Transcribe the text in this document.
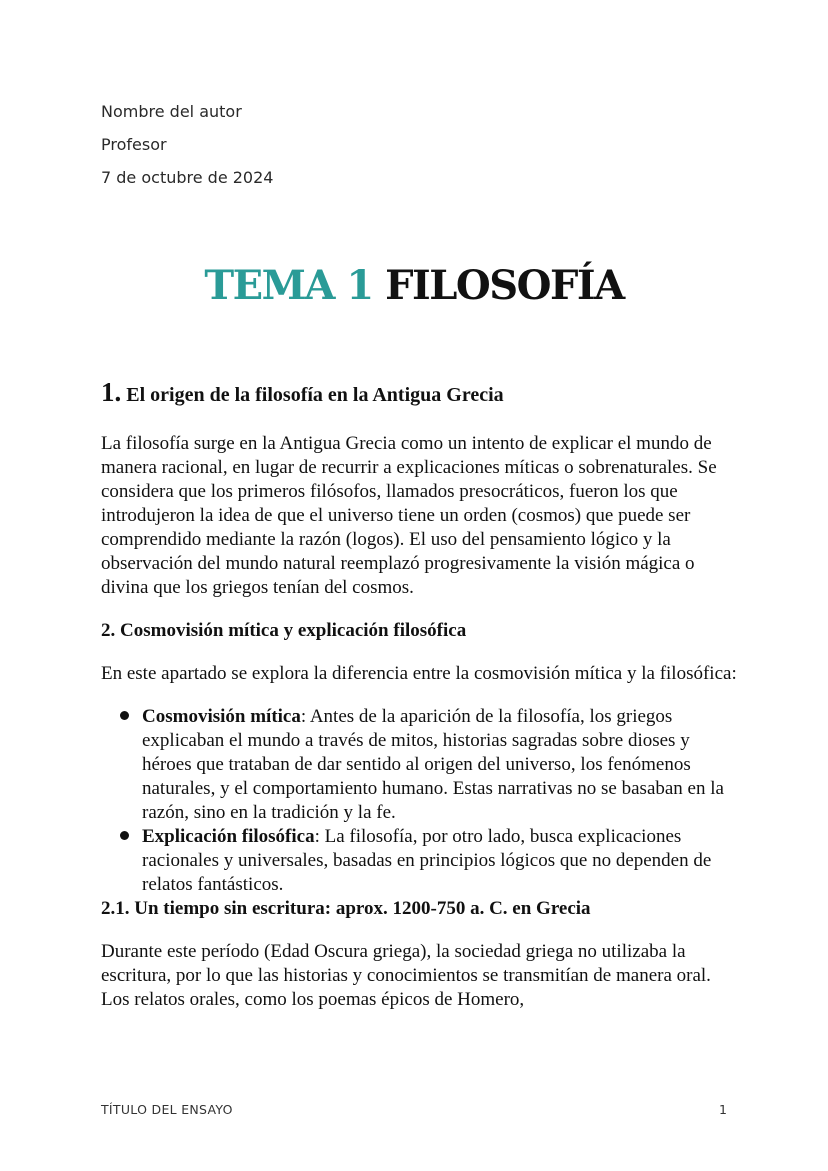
Nombre del autor
Profesor
7 de octubre de 2024
TEMA 1 FILOSOFÍA
1. El origen de la filosofía en la Antigua Grecia

La filosofía surge en la Antigua Grecia como un intento de explicar el mundo de manera racional, en lugar de recurrir a explicaciones míticas o sobrenaturales. Se considera que los primeros filósofos, llamados presocráticos, fueron los que introdujeron la idea de que el universo tiene un orden (cosmos) que puede ser comprendido mediante la razón (logos). El uso del pensamiento lógico y la observación del mundo natural reemplazó progresivamente la visión mágica o divina que los griegos tenían del cosmos.

2. Cosmovisión mítica y explicación filosófica

En este apartado se explora la diferencia entre la cosmovisión mítica y la filosófica:

Cosmovisión mítica: Antes de la aparición de la filosofía, los griegos explicaban el mundo a través de mitos, historias sagradas sobre dioses y héroes que trataban de dar sentido al origen del universo, los fenómenos naturales, y el comportamiento humano. Estas narrativas no se basaban en la razón, sino en la tradición y la fe.
Explicación filosófica: La filosofía, por otro lado, busca explicaciones racionales y universales, basadas en principios lógicos que no dependen de relatos fantásticos.
2.1. Un tiempo sin escritura: aprox. 1200-750 a. C. en Grecia

Durante este período (Edad Oscura griega), la sociedad griega no utilizaba la escritura, por lo que las historias y conocimientos se transmitían de manera oral. Los relatos orales, como los poemas épicos de Homero,

TÍTULO DEL ENSAYO	1
